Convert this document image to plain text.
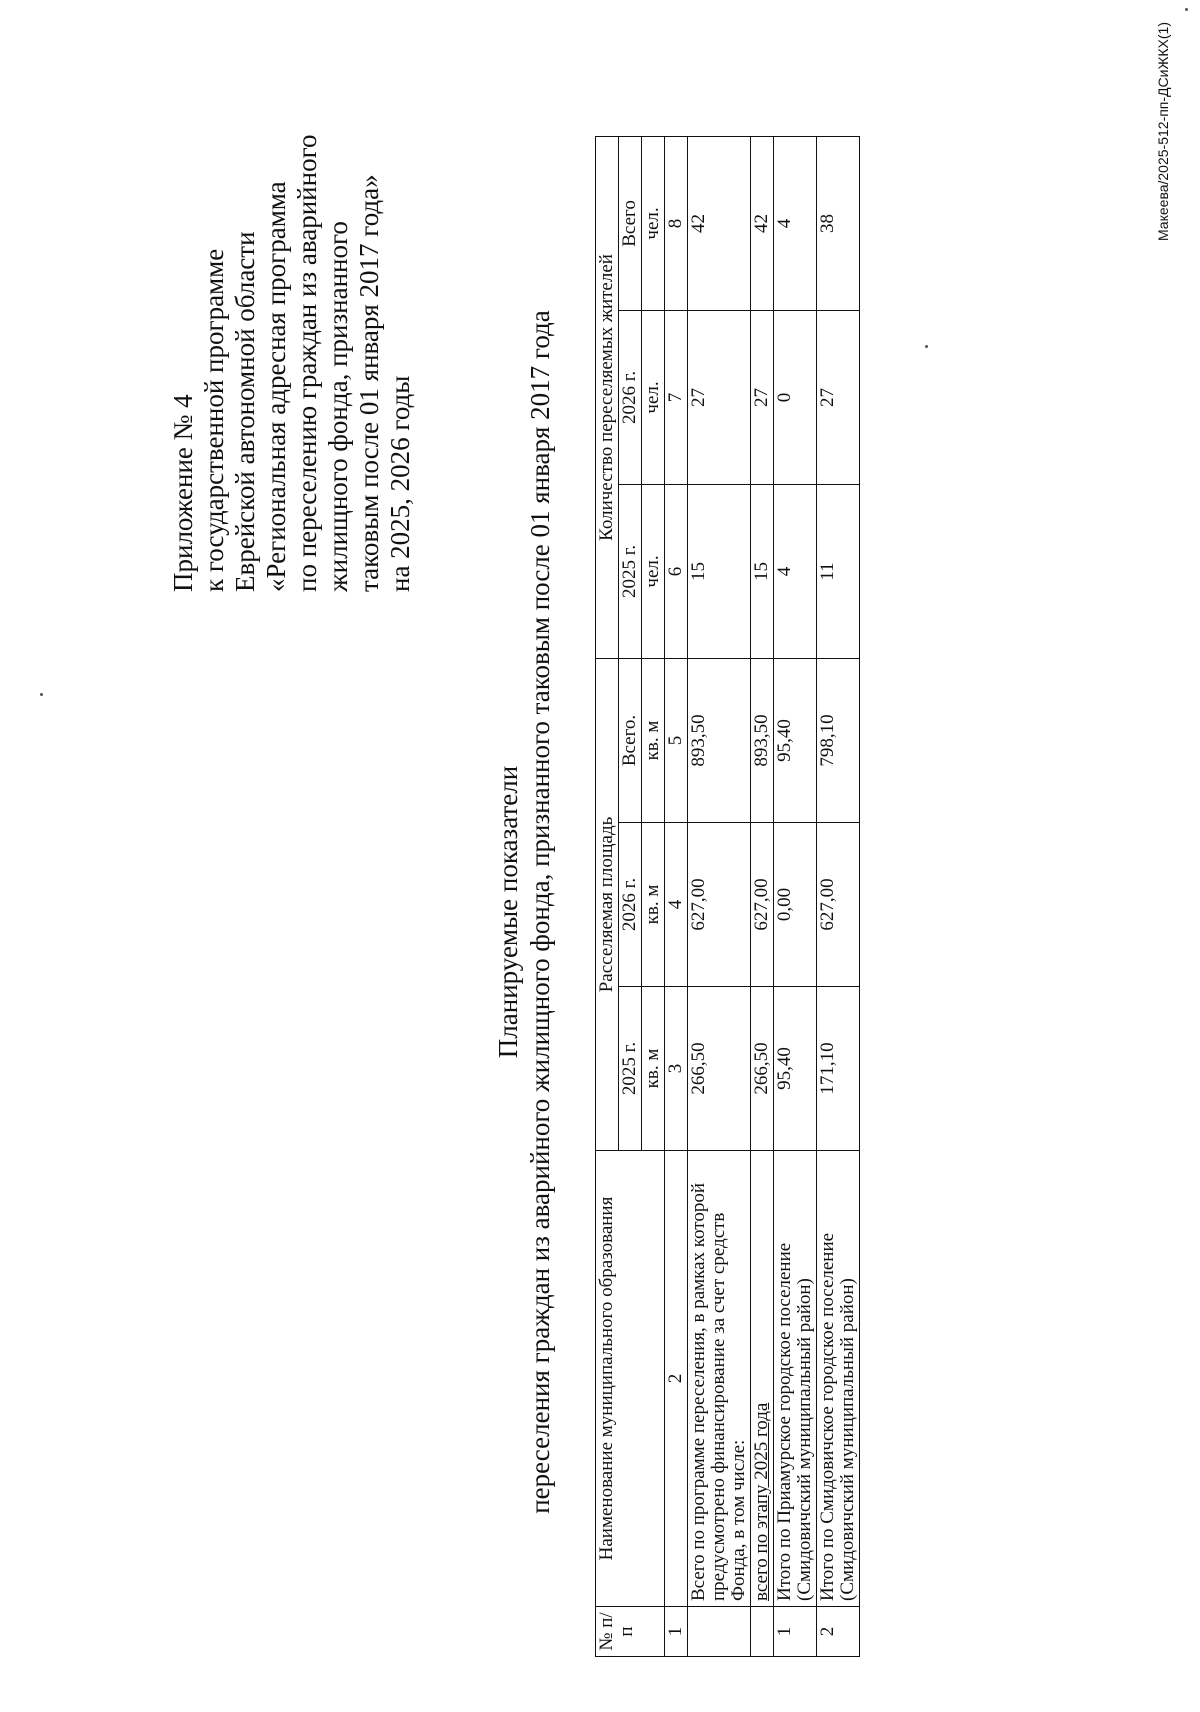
Приложение № 4 к государственной программе Еврейской автономной области «Региональная адресная программа по переселению граждан из аварийного жилищного фонда, признанного таковым после 01 января 2017 года» на 2025, 2026 годы
Планируемые показатели переселения граждан из аварийного жилищного фонда, признанного таковым после 01 января 2017 года
№ п/п	Наименование муниципального образования	Расселяемая площадь			Количество переселяемых жителей		
		2025 г.	2026 г.	Всего.	2025 г.	2026 г.	Всего
		кв. м	кв. м	кв. м	чел.	чел.	чел.
1	2	3	4	5	6	7	8
	Всего по программе переселения, в рамках которой предусмотрено финансирование за счет средств Фонда, в том числе:	266,50	627,00	893,50	15	27	42
	всего по этапу 2025 года	266,50	627,00	893,50	15	27	42
1	Итого по Приамурское городское поселение (Смидовичский муниципальный район)	95,40	0,00	95,40	4	0	4
2	Итого по Смидовичское городское поселение (Смидовичский муниципальный район)	171,10	627,00	798,10	11	27	38	Макеева/2025-512-пп-ДСиЖКХ(1)
